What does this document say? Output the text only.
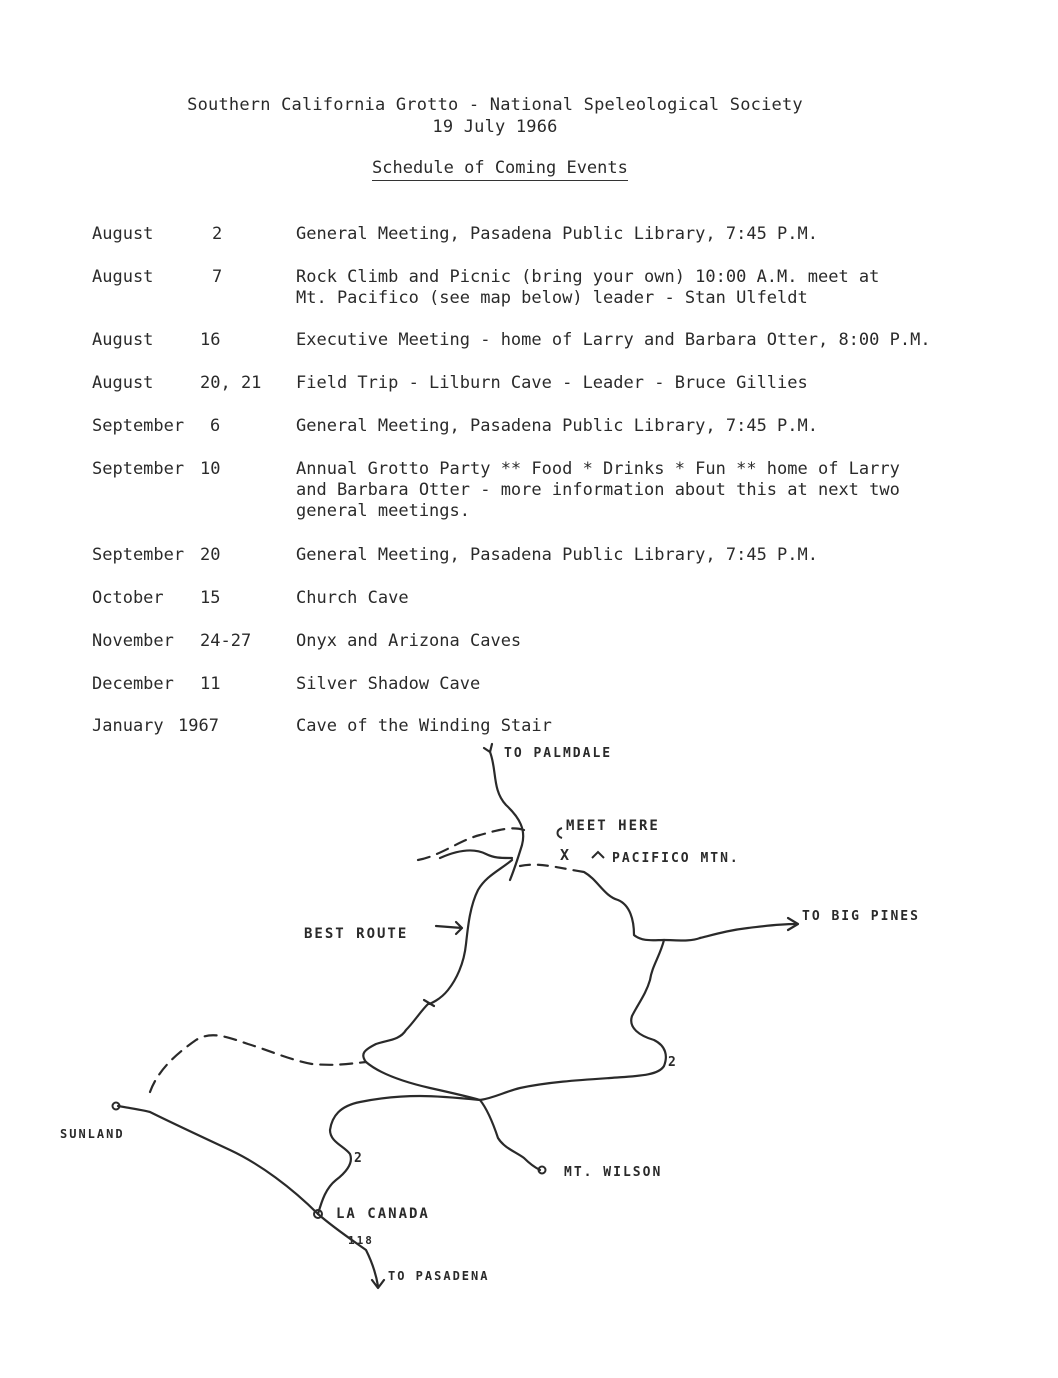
Southern California Grotto - National Speleological Society
19 July 1966
Schedule of Coming Events
August	2	General Meeting, Pasadena Public Library, 7:45 P.M.
August	7	Rock Climb and Picnic (bring your own) 10:00 A.M. meet at
Mt. Pacifico (see map below) leader - Stan Ulfeldt
August	16	Executive Meeting - home of Larry and Barbara Otter, 8:00 P.M.
August	20, 21 Field Trip - Lilburn Cave - Leader - Bruce Gillies
September 6	General Meeting, Pasadena Public Library, 7:45 P.M.
September 10	Annual Grotto Party ** Food * Drinks * Fun ** home of Larry
and Barbara Otter - more information about this at next two
general meetings.
September 20	General Meeting, Pasadena Public Library, 7:45 P.M.
October 15	Church Cave
November 24-27	Onyx and Arizona Caves
December 11	Silver Shadow Cave
January 1967	Cave of the Winding Stair
TO PALMDALE
MEET HERE
X	PACIFICO MTN.
TO BIG PINES
BEST ROUTE
SUNLAND
LA CANADA
MT. WILSON
TO PASADENA
2
2
118
